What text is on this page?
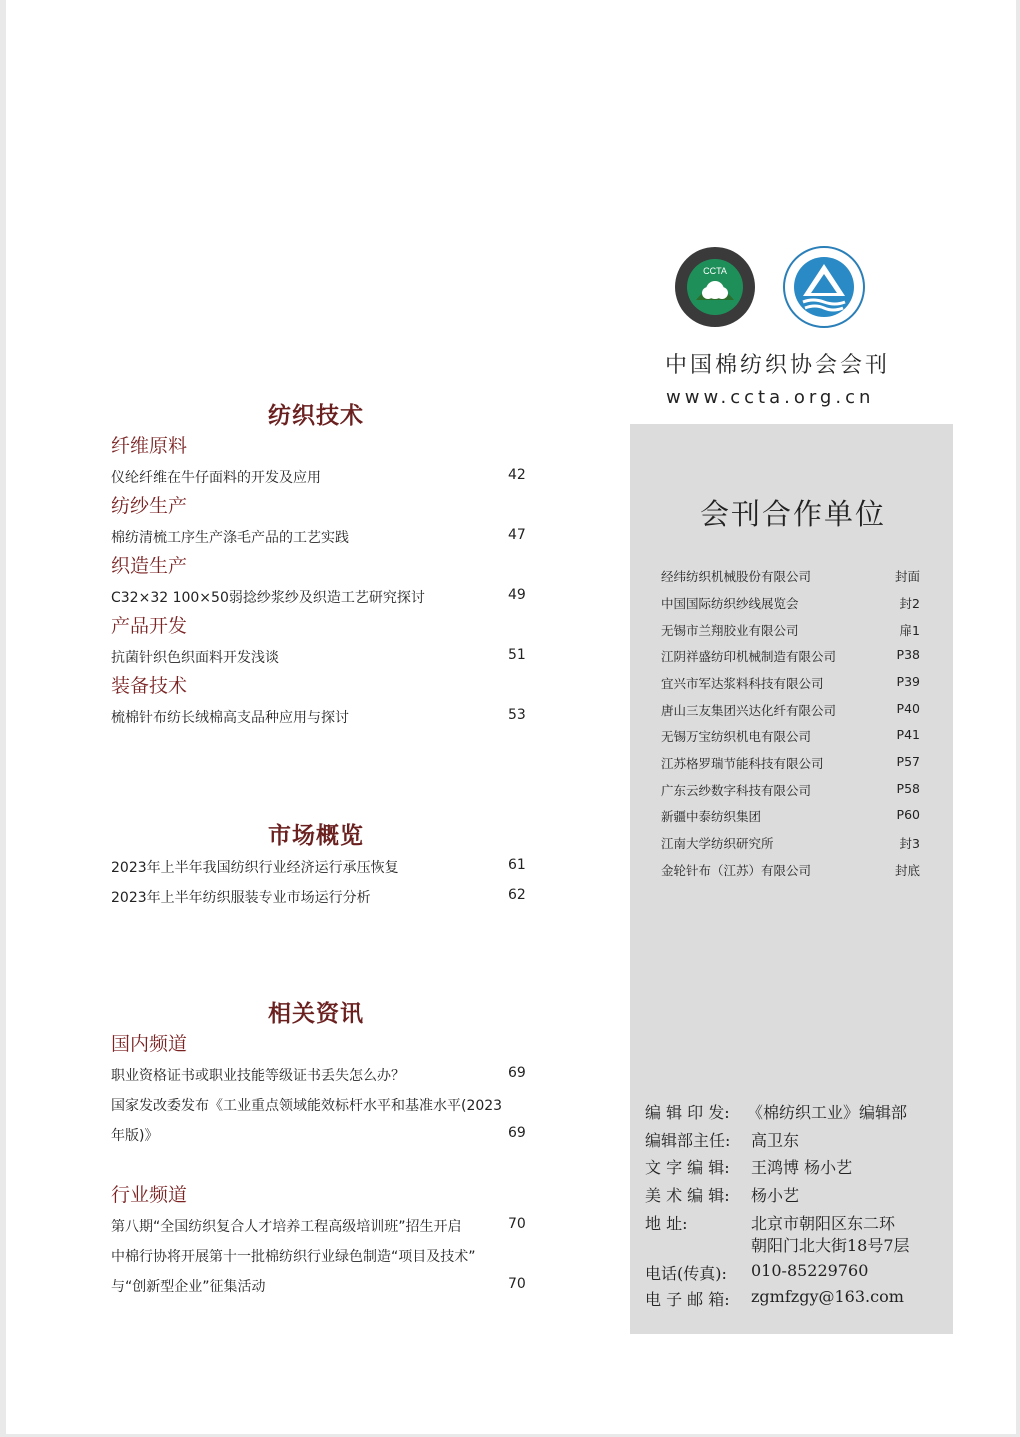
CCTA
中国棉纺织协会会刊
www.ccta.org.cn
纺织技术
纤维原料
仪纶纤维在牛仔面料的开发及应用	42
纺纱生产
棉纺清梳工序生产涤毛产品的工艺实践	47
织造生产
C32×32 100×50弱捻纱浆纱及织造工艺研究探讨	49
产品开发
抗菌针织色织面料开发浅谈	51
装备技术
梳棉针布纺长绒棉高支品种应用与探讨	53
市场概览
2023年上半年我国纺织行业经济运行承压恢复	61
2023年上半年纺织服装专业市场运行分析	62
相关资讯
国内频道
职业资格证书或职业技能等级证书丢失怎么办？	69
国家发改委发布《工业重点领域能效标杆水平和基准水平(2023
年版)》	69
行业频道
第八期“全国纺织复合人才培养工程高级培训班”招生开启	70
中棉行协将开展第十一批棉纺织行业绿色制造“项目及技术”
与“创新型企业”征集活动	70
会刊合作单位
经纬纺织机械股份有限公司	封面
中国国际纺织纱线展览会	封2
无锡市兰翔胶业有限公司	扉1
江阴祥盛纺印机械制造有限公司	P38
宜兴市军达浆料科技有限公司	P39
唐山三友集团兴达化纤有限公司	P40
无锡万宝纺织机电有限公司	P41
江苏格罗瑞节能科技有限公司	P57
广东云纱数字科技有限公司	P58
新疆中泰纺织集团	P60
江南大学纺织研究所	封3
金轮针布（江苏）有限公司	封底
编 辑 印 发: 《棉纺织工业》编辑部
编辑部主任: 高卫东
文 字 编 辑: 王鸿博 杨小艺
美 术 编 辑: 杨小艺
地 址:	北京市朝阳区东二环
朝阳门北大街18号7层
电话(传真): 010-85229760
电 子 邮 箱: zgmfzgy@163.com
